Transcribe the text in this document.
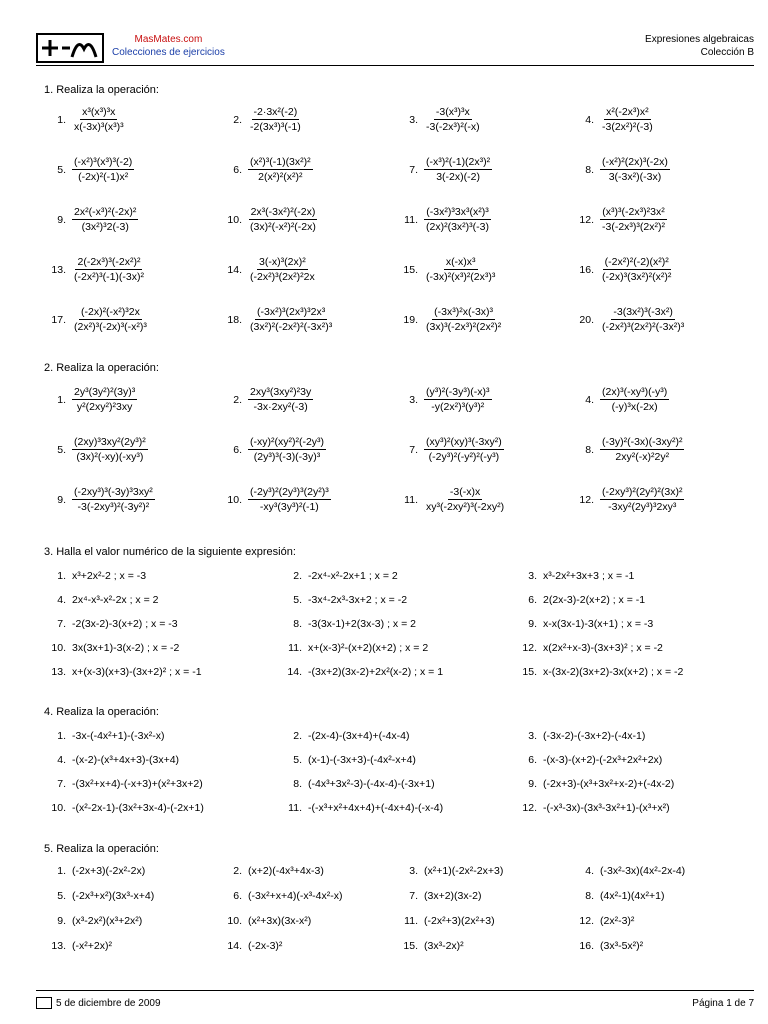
MasMates.com
Colecciones de ejercicios
Expresiones algebraicas
Colección B
1. Realiza la operación:
1. $\frac{\text{x³(x³)³x}}{\text{x(-3x)³(x³)³}}$	2. $\frac{\text{-2·3x²(-2)}}{\text{-2(3x³)³(-1)}}$	3. $\frac{\text{-3(x³)³x}}{\text{-3(-2x³)²(-x)}}$	4. $\frac{\text{x²(-2x³)x²}}{\text{-3(2x²)²(-3)}}$
5. $\frac{\text{(-x²)³(x³)³(-2)}}{\text{(-2x)²(-1)x²}}$	6. $\frac{\text{(x²)³(-1)(3x²)²}}{\text{2(x²)²(x²)²}}$	7. $\frac{\text{(-x³)²(-1)(2x³)²}}{3(-2x)(-2)}$	8. $\frac{\text{(-x²)²(2x)³(-2x)}}{\text{3(-3x²)(-3x)}}$
9. $\frac{\text{2x²(-x³)²(-2x)²}}{\text{(3x²)³2(-3)}}$	10. $\frac{\text{2x³(-3x²)²(-2x)}}{\text{(3x)²(-x²)²(-2x)}}$	11. $\frac{\text{(-3x²)³3x³(x²)³}}{\text{(2x)²(3x²)³(-3)}}$	12. $\frac{\text{(x³)³(-2x³)²3x²}}{\text{-3(-2x³)³(2x²)²}}$
13. $\frac{\text{2(-2x³)³(-2x²)²}}{\text{(-2x²)³(-1)(-3x)²}}$	14. $\frac{\text{3(-x)³(2x)²}}{\text{(-2x²)³(2x²)²2x}}$	15. $\frac{\text{x(-x)x³}}{\text{(-3x)²(x³)²(2x³)³}}$	16. $\frac{\text{(-2x²)²(-2)(x²)²}}{\text{(-2x)³(3x²)²(x²)²}}$
17. $\frac{\text{(-2x)²(-x²)³2x}}{\text{(2x²)³(-2x)³(-x²)³}}$	18. $\frac{\text{(-3x²)³(2x³)³2x³}}{\text{(3x²)²(-2x²)²(-3x²)³}}$	19. $\frac{\text{(-3x³)²x(-3x)³}}{\text{(3x)³(-2x³)²(2x²)²}}$	20. $\frac{\text{-3(3x²)³(-3x²)}}{\text{(-2x²)³(2x²)²(-3x²)³}}$
2. Realiza la operación:
1. $\frac{\text{2y³(3y²)²(3y)³}}{\text{y²(2xy²)²3xy}}$	2. $\frac{\text{2xy³(3xy²)²3y}}{\text{-3x·2xy²(-3)}}$	3. $\frac{\text{(y³)²(-3y³)(-x)³}}{\text{-y(2x²)³(y³)²}}$	4. $\frac{\text{(2x)³(-xy³)(-y³)}}{\text{(-y)³x(-2x)}}$
5. $\frac{\text{(2xy)³3xy²(2y³)²}}{\text{(3x)²(-xy)(-xy³)}}$	6. $\frac{\text{(-xy)²(xy²)²(-2y³)}}{\text{(2y³)³(-3)(-3y)³}}$	7. $\frac{\text{(xy³)²(xy)³(-3xy²)}}{\text{(-2y³)²(-y²)²(-y³)}}$	8. $\frac{\text{(-3y)²(-3x)(-3xy²)²}}{\text{2xy²(-x)²2y²}}$
9. $\frac{\text{(-2xy³)³(-3y)³3xy²}}{\text{-3(-2xy³)²(-3y²)²}}$	10. $\frac{\text{(-2y³)²(2y³)³(2y²)³}}{\text{-xy³(3y³)²(-1)}}$	11. $\frac{-3(-x)x}{\text{xy³(-2xy²)³(-2xy²)}}$	12. $\frac{\text{(-2xy³)²(2y²)²(3x)²}}{\text{-3xy²(2y³)³2xy³}}$
3. Halla el valor numérico de la siguiente expresión:
1. x³+2x²-2 ; x = -3	2. -2x⁴-x²-2x+1 ; x = 2	3. x³-2x²+3x+3 ; x = -1
4. 2x⁴-x³-x²-2x ; x = 2	5. -3x⁴-2x³-3x+2 ; x = -2	6. 2(2x-3)-2(x+2) ; x = -1
7. -2(3x-2)-3(x+2) ; x = -3	8. -3(3x-1)+2(3x-3) ; x = 2	9. x-x(3x-1)-3(x+1) ; x = -3
10. 3x(3x+1)-3(x-2) ; x = -2	11. x+(x-3)²-(x+2)(x+2) ; x = 2	12. x(2x²+x-3)-(3x+3)² ; x = -2
13. x+(x-3)(x+3)-(3x+2)² ; x = -1	14. -(3x+2)(3x-2)+2x²(x-2) ; x = 1	15. x-(3x-2)(3x+2)-3x(x+2) ; x = -2
4. Realiza la operación:
1. -3x-(-4x²+1)-(-3x²-x)	2. -(2x-4)-(3x+4)+(-4x-4)	3. (-3x-2)-(-3x+2)-(-4x-1)
4. -(x-2)-(x³+4x+3)-(3x+4)	5. (x-1)-(-3x+3)-(-4x²-x+4)	6. -(x-3)-(x+2)-(-2x³+2x²+2x)
7. -(3x²+x+4)-(-x+3)+(x²+3x+2)	8. (-4x³+3x²-3)-(-4x-4)-(-3x+1)	9. (-2x+3)-(x³+3x²+x-2)+(-4x-2)
10. -(x²-2x-1)-(3x²+3x-4)-(-2x+1)	11. -(-x³+x²+4x+4)+(-4x+4)-(-x-4)	12. -(-x³-3x)-(3x³-3x²+1)-(x³+x²)
5. Realiza la operación:
1. (-2x+3)(-2x²-2x)	2. (x+2)(-4x³+4x-3)	3. (x²+1)(-2x²-2x+3)	4. (-3x²-3x)(4x²-2x-4)
5. (-2x³+x²)(3x³-x+4)	6. (-3x²+x+4)(-x³-4x²-x)	7. (3x+2)(3x-2)	8. (4x²-1)(4x²+1)
9. (x³-2x²)(x³+2x²)	10. (x²+3x)(3x-x²)	11. (-2x²+3)(2x²+3)	12. (2x²-3)²
13. (-x²+2x)²	14. (-2x-3)²	15. (3x³-2x)²	16. (3x³-5x²)²
5 de diciembre de 2009	Página 1 de 7
